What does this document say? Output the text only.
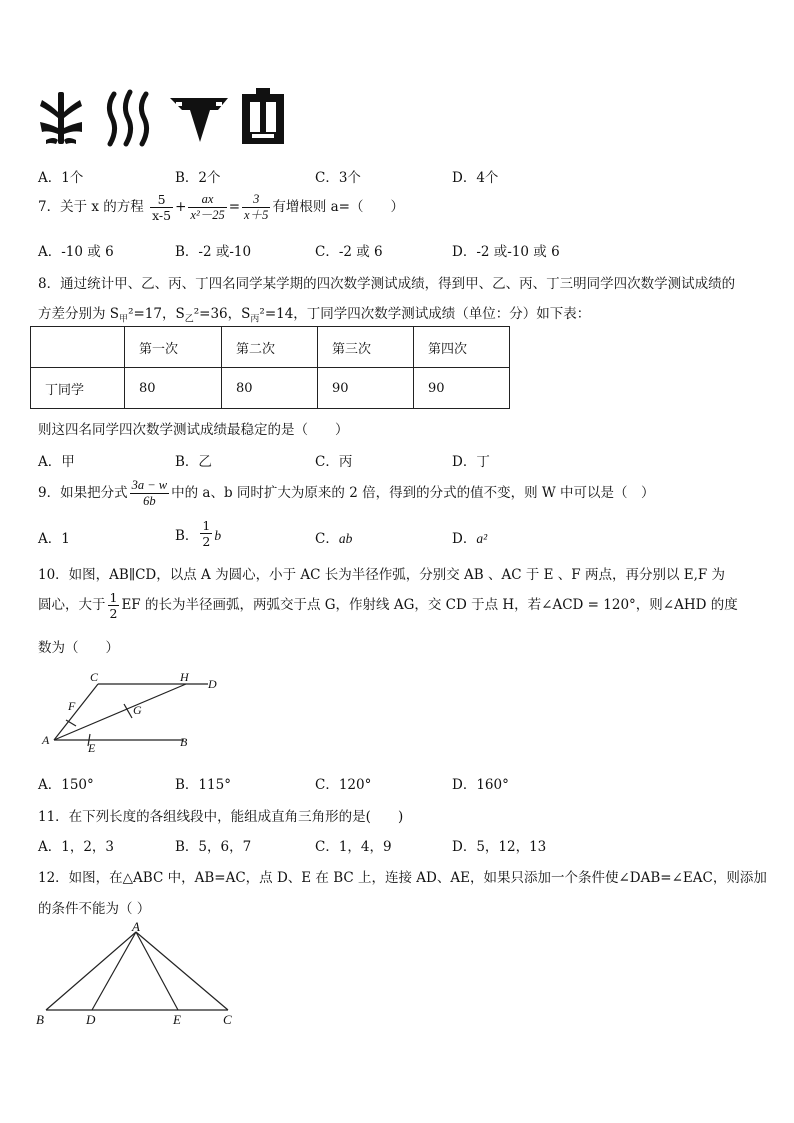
A．1个	B．2个	C．3个	D．4个
7．关于 x 的方程 $\frac{5}{x-5} + \frac{ax}{\text{x²－25}} = \frac{3}{x+5}$ 有增根则 a=（　　）
A．-10 或 6	B．-2 或-10	C．-2 或 6	D．-2 或-10 或 6
8．通过统计甲、乙、丙、丁四名同学某学期的四次数学测试成绩，得到甲、乙、丙、丁三明同学四次数学测试成绩的
方差分别为 $S_甲^2=17$，$S_乙^2=36$，$S_丙^2=14$，丁同学四次数学测试成绩（单位：分）如下表：
	第一次	第二次	第三次	第四次
丁同学	80	80	90	90
则这四名同学四次数学测试成绩最稳定的是（　　）
A．甲	B．乙	C．丙	D．丁
9．如果把分式 $\frac{3a - w}{6b}$ 中的 a、b 同时扩大为原来的 2 倍，得到的分式的值不变，则 W 中可以是（　）
A．1	B． $\frac{1}{2}$ b	C．ab	D．a²
10．如图，AB∥CD，以点 A 为圆心，小于 AC 长为半径作弧，分别交 AB 、AC 于 E 、F 两点，再分别以 E,F 为
圆心，大于 $\frac{1}{2}$ EF 的长为半径画弧，两弧交于点 G，作射线 AG，交 CD 于点 H，若∠ACD = 120°，则∠AHD 的度
数为（　　）
C	H D
F	G
A
E	B
A．150°	B．115°	C．120°	D．160°
11．在下列长度的各组线段中，能组成直角三角形的是(　　)
A．1，2，3	B．5，6，7	C．1，4，9	D．5，12，13
12．如图，在△ABC 中，AB=AC，点 D、E 在 BC 上，连接 AD、AE，如果只添加一个条件使∠DAB=∠EAC，则添加
的条件不能为（ ）
A
B	D	E	C
